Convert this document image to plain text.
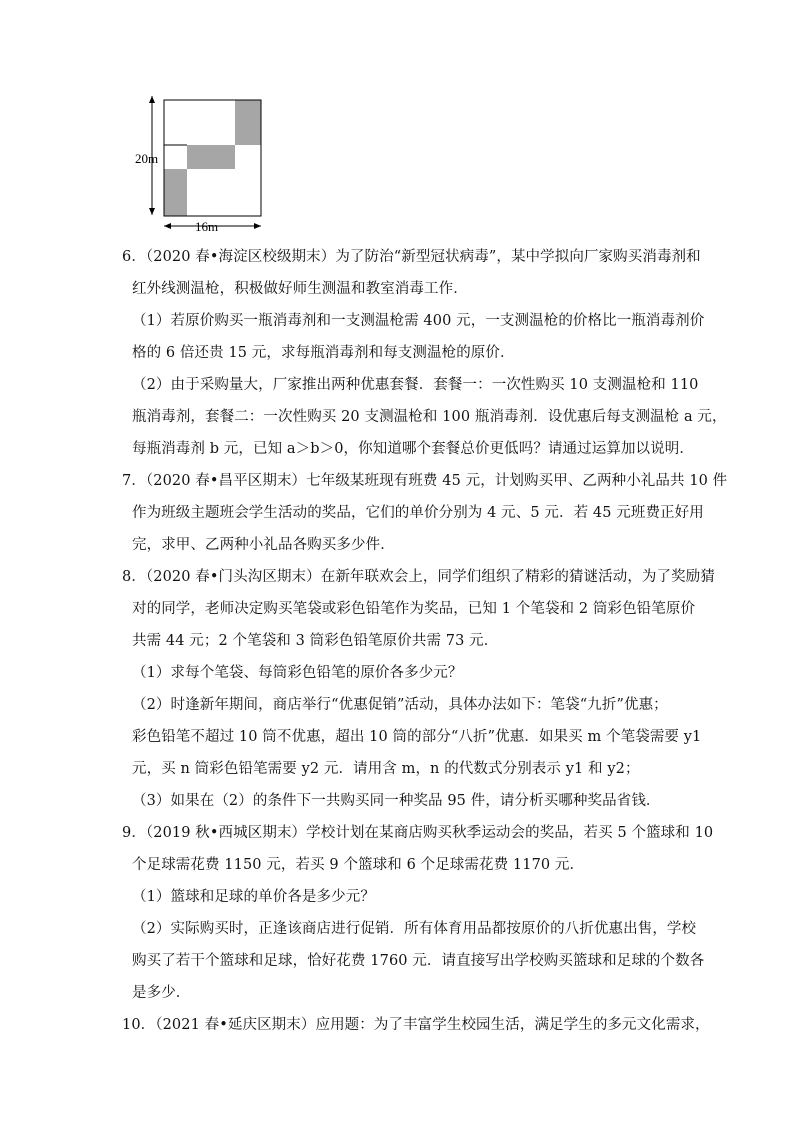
20m
16m
6．（2020 春•海淀区校级期末）为了防治“新型冠状病毒”，某中学拟向厂家购买消毒剂和
红外线测温枪，积极做好师生测温和教室消毒工作．
（1）若原价购买一瓶消毒剂和一支测温枪需 400 元，一支测温枪的价格比一瓶消毒剂价
格的 6 倍还贵 15 元，求每瓶消毒剂和每支测温枪的原价．
（2）由于采购量大，厂家推出两种优惠套餐．套餐一：一次性购买 10 支测温枪和 110
瓶消毒剂，套餐二：一次性购买 20 支测温枪和 100 瓶消毒剂．设优惠后每支测温枪 a 元，
每瓶消毒剂 b 元，已知 a＞b＞0，你知道哪个套餐总价更低吗？请通过运算加以说明．
7．（2020 春•昌平区期末）七年级某班现有班费 45 元，计划购买甲、乙两种小礼品共 10 件
作为班级主题班会学生活动的奖品，它们的单价分别为 4 元、5 元．若 45 元班费正好用
完，求甲、乙两种小礼品各购买多少件．
8．（2020 春•门头沟区期末）在新年联欢会上，同学们组织了精彩的猜谜活动，为了奖励猜
对的同学，老师决定购买笔袋或彩色铅笔作为奖品，已知 1 个笔袋和 2 筒彩色铅笔原价
共需 44 元；2 个笔袋和 3 筒彩色铅笔原价共需 73 元．
（1）求每个笔袋、每筒彩色铅笔的原价各多少元？
（2）时逢新年期间，商店举行“优惠促销”活动，具体办法如下：笔袋“九折”优惠；
彩色铅笔不超过 10 筒不优惠，超出 10 筒的部分“八折”优惠．如果买 m 个笔袋需要 y1
元，买 n 筒彩色铅笔需要 y2 元．请用含 m，n 的代数式分别表示 y1 和 y2；
（3）如果在（2）的条件下一共购买同一种奖品 95 件，请分析买哪种奖品省钱．
9．（2019 秋•西城区期末）学校计划在某商店购买秋季运动会的奖品，若买 5 个篮球和 10
个足球需花费 1150 元，若买 9 个篮球和 6 个足球需花费 1170 元．
（1）篮球和足球的单价各是多少元？
（2）实际购买时，正逢该商店进行促销．所有体育用品都按原价的八折优惠出售，学校
购买了若干个篮球和足球，恰好花费 1760 元．请直接写出学校购买篮球和足球的个数各
是多少．
10．（2021 春•延庆区期末）应用题：为了丰富学生校园生活，满足学生的多元文化需求，
